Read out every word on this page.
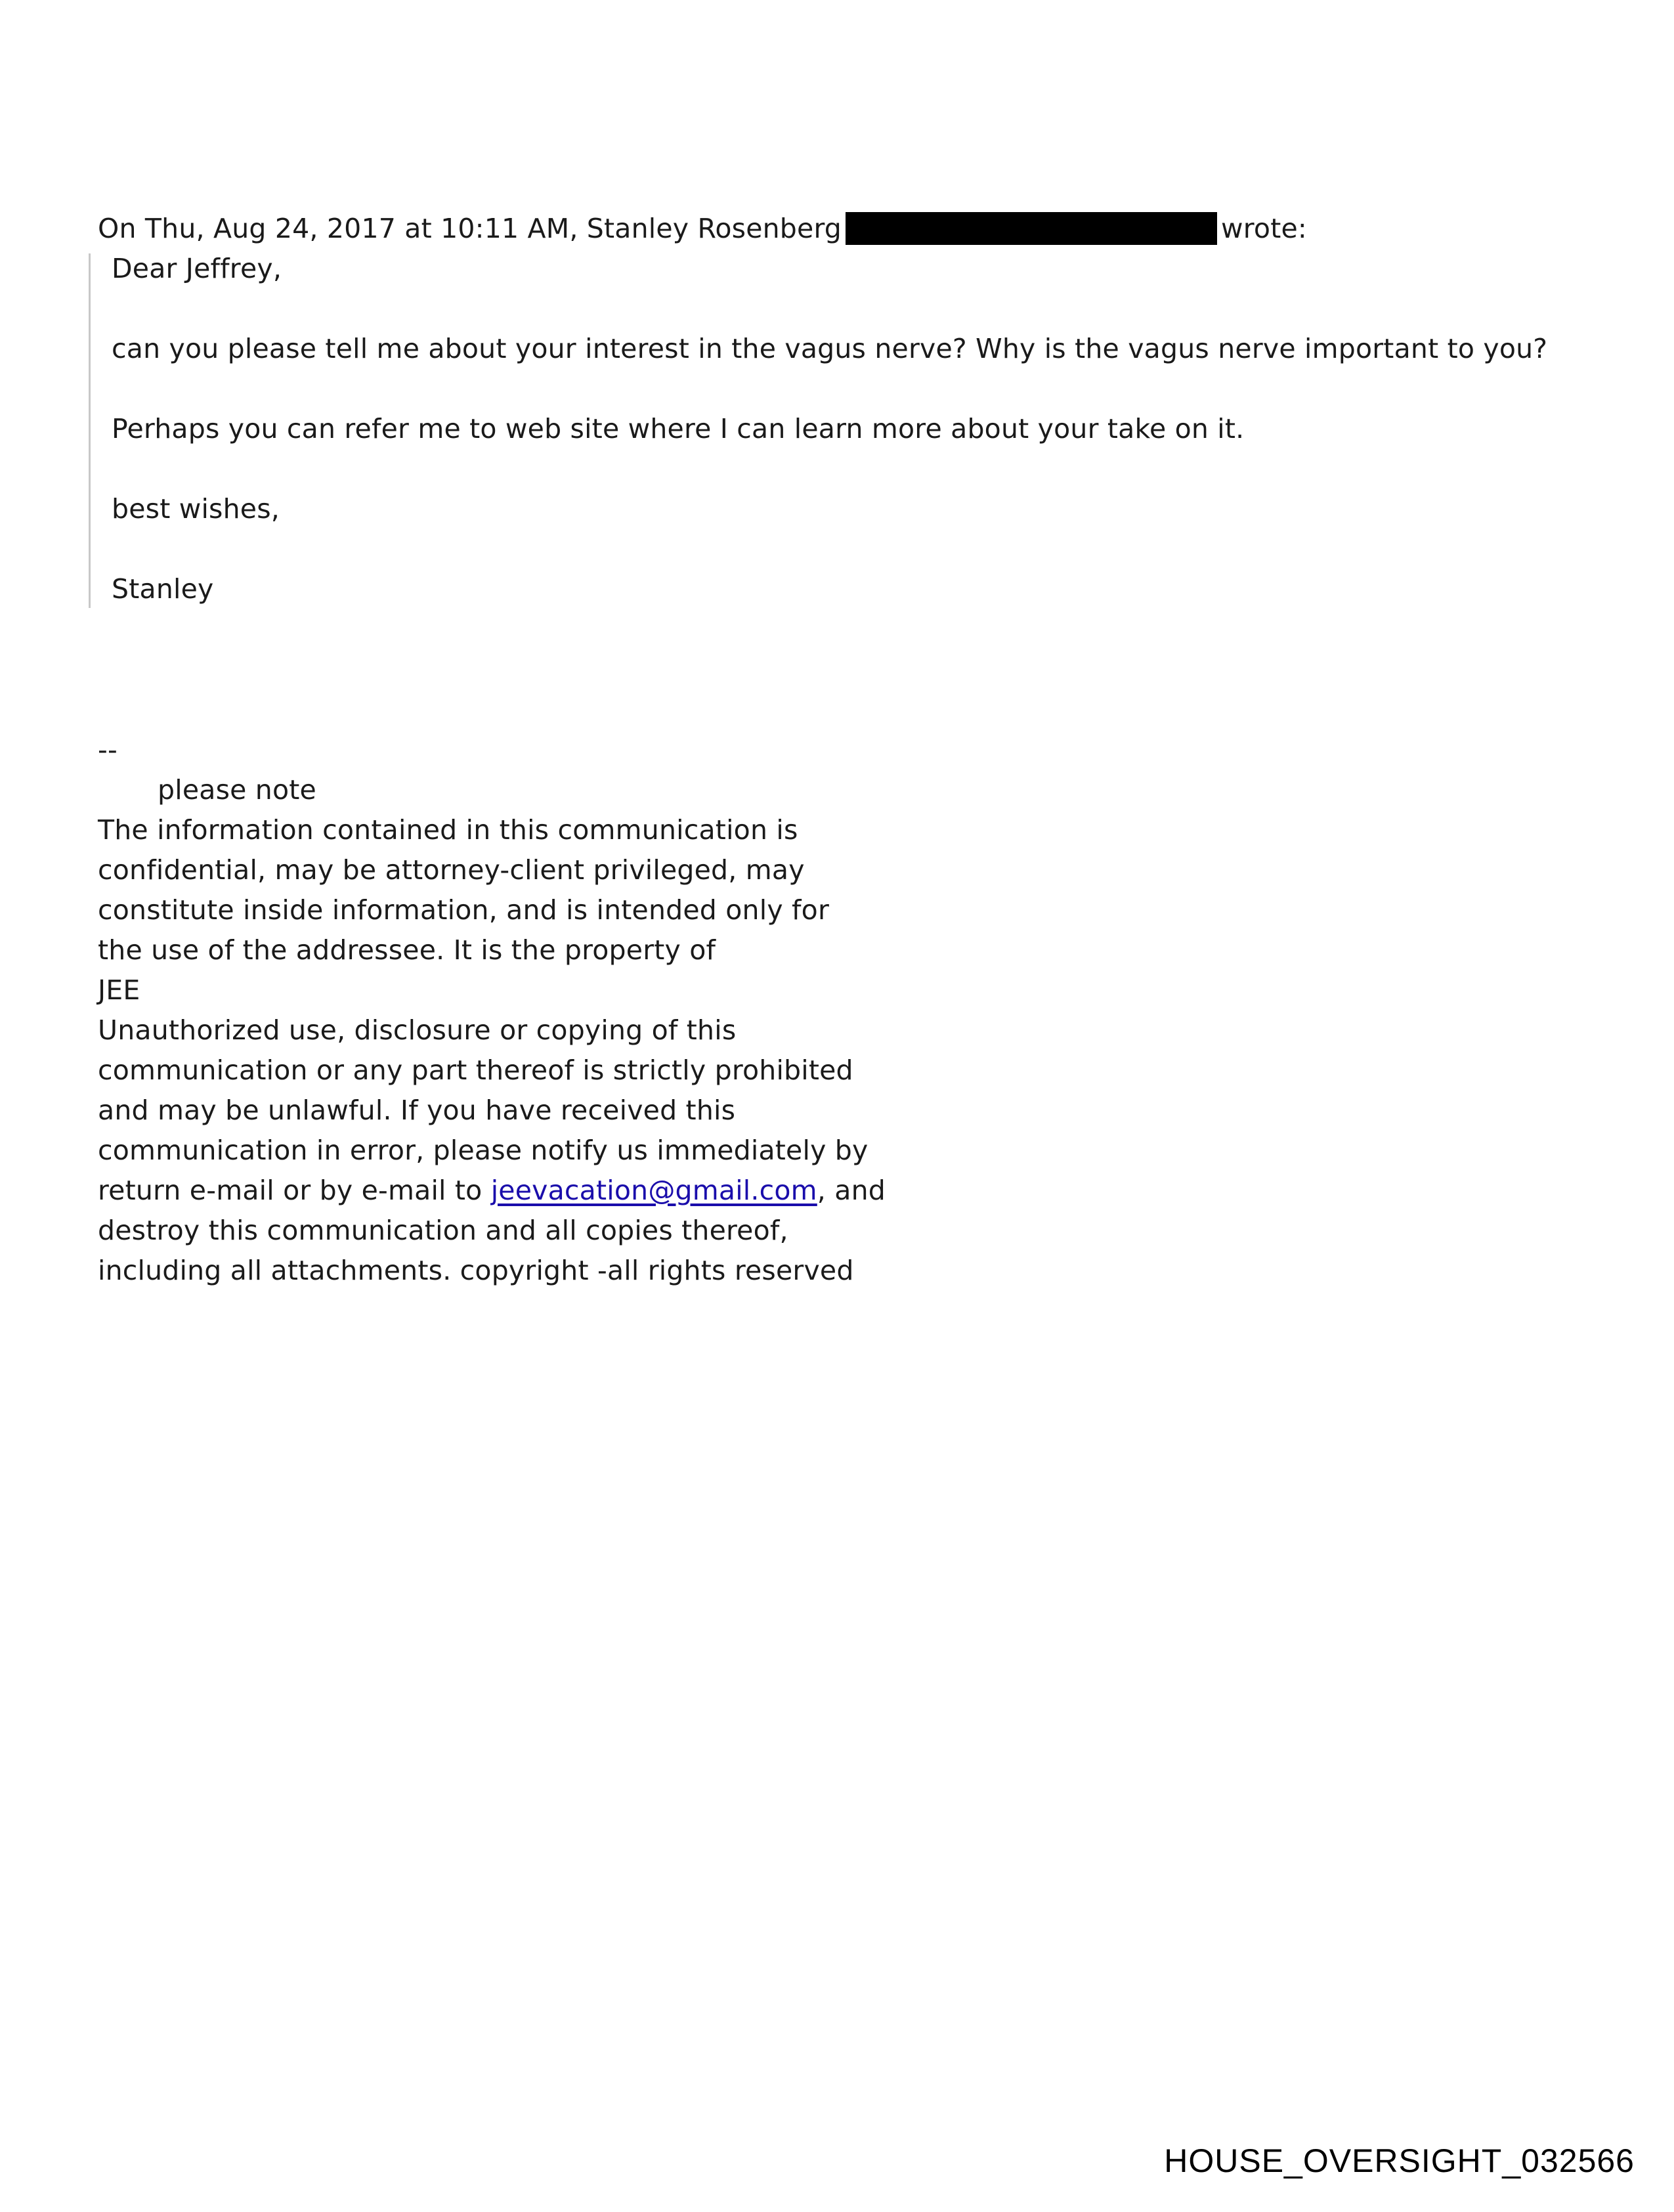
On Thu, Aug 24, 2017 at 10:11 AM, Stanley Rosenberg	wrote:

Dear Jeffrey,

can you please tell me about your interest in the vagus nerve? Why is the vagus nerve important to you?

Perhaps you can refer me to web site where I can learn more about your take on it.

best wishes,

Stanley

--
please note
The information contained in this communication is
confidential, may be attorney-client privileged, may
constitute inside information, and is intended only for
the use of the addressee. It is the property of
JEE
Unauthorized use, disclosure or copying of this
communication or any part thereof is strictly prohibited
and may be unlawful. If you have received this
communication in error, please notify us immediately by
return e-mail or by e-mail to jeevacation@gmail.com, and
destroy this communication and all copies thereof,
including all attachments. copyright -all rights reserved
HOUSE_OVERSIGHT_032566
